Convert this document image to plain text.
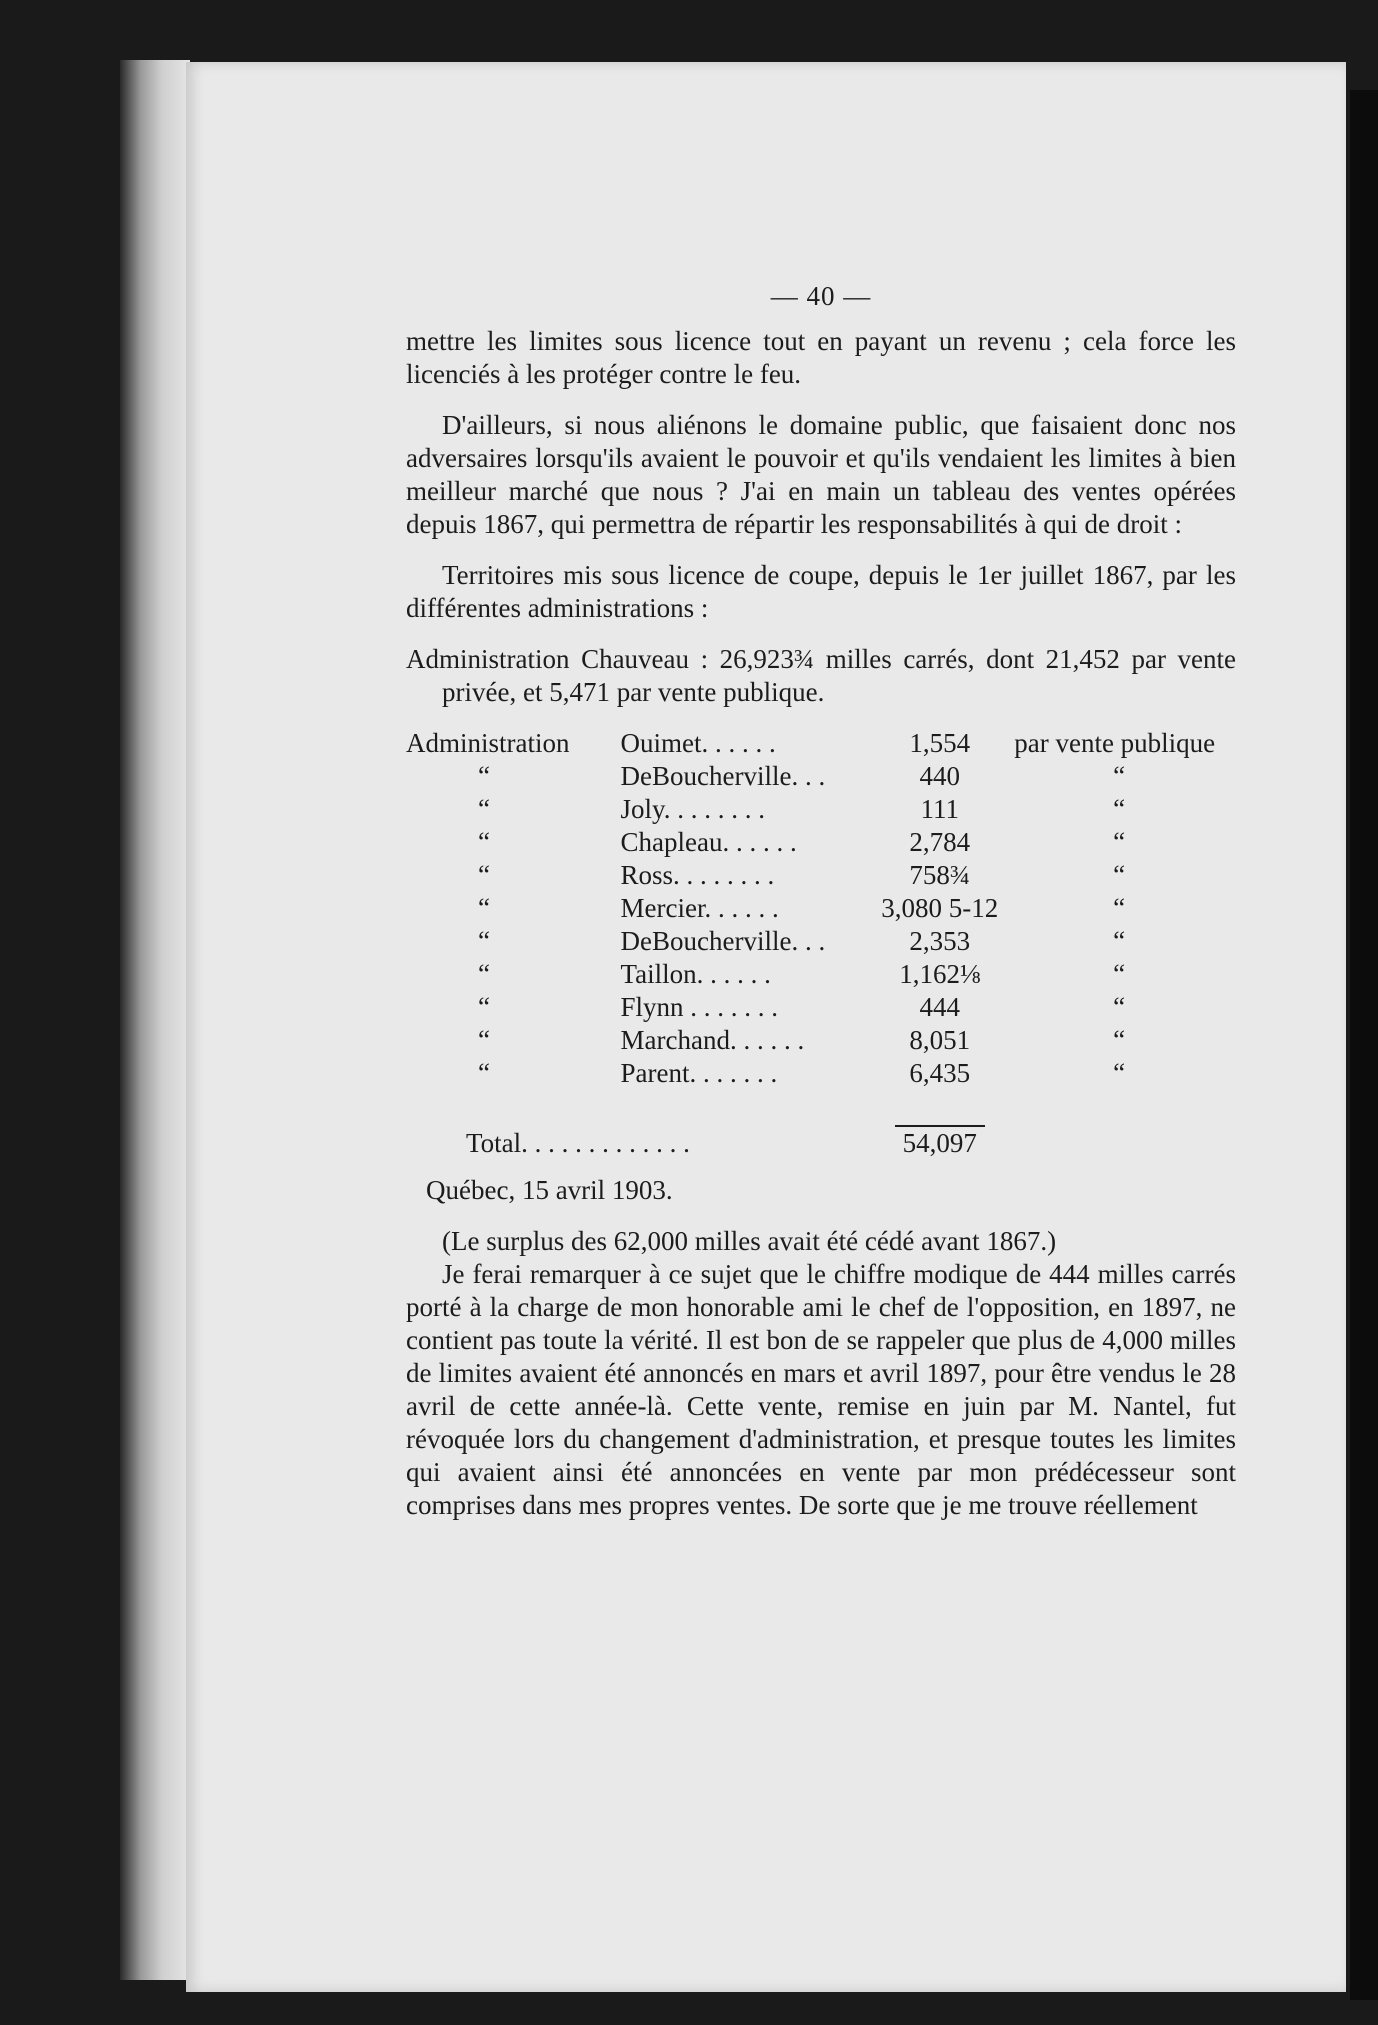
— 40 —

mettre les limites sous licence tout en payant un revenu ; cela force les licenciés à les protéger contre le feu.

D'ailleurs, si nous aliénons le domaine public, que faisaient donc nos adversaires lorsqu'ils avaient le pouvoir et qu'ils vendaient les limites à bien meilleur marché que nous ? J'ai en main un tableau des ventes opérées depuis 1867, qui permettra de répartir les responsabilités à qui de droit :

Territoires mis sous licence de coupe, depuis le 1er juillet 1867, par les différentes administrations :

Administration Chauveau : 26,923¾ milles carrés, dont 21,452 par vente privée, et 5,471 par vente publique.

Administration	Ouimet. . . . . .	1,554	par vente publique
“	DeBoucherville. . .	440	“
“	Joly. . . . . . . .	111	“
“	Chapleau. . . . . .	2,784	“
“	Ross. . . . . . . .	758¾	“
“	Mercier. . . . . .	3,080 5-12	“
“	DeBoucherville. . .	2,353	“
“	Taillon. . . . . .	1,162⅛	“
“	Flynn . . . . . . .	444	“
“	Marchand. . . . . .	8,051	“
“	Parent. . . . . . .	6,435	“

Total. . . . . . . . . . . . .		54,097	
Québec, 15 avril 1903.

(Le surplus des 62,000 milles avait été cédé avant 1867.)

Je ferai remarquer à ce sujet que le chiffre modique de 444 milles carrés porté à la charge de mon honorable ami le chef de l'opposition, en 1897, ne contient pas toute la vérité. Il est bon de se rappeler que plus de 4,000 milles de limites avaient été annoncés en mars et avril 1897, pour être vendus le 28 avril de cette année-là. Cette vente, remise en juin par M. Nantel, fut révoquée lors du changement d'administration, et presque toutes les limites qui avaient ainsi été annoncées en vente par mon prédécesseur sont comprises dans mes propres ventes. De sorte que je me trouve réellement
